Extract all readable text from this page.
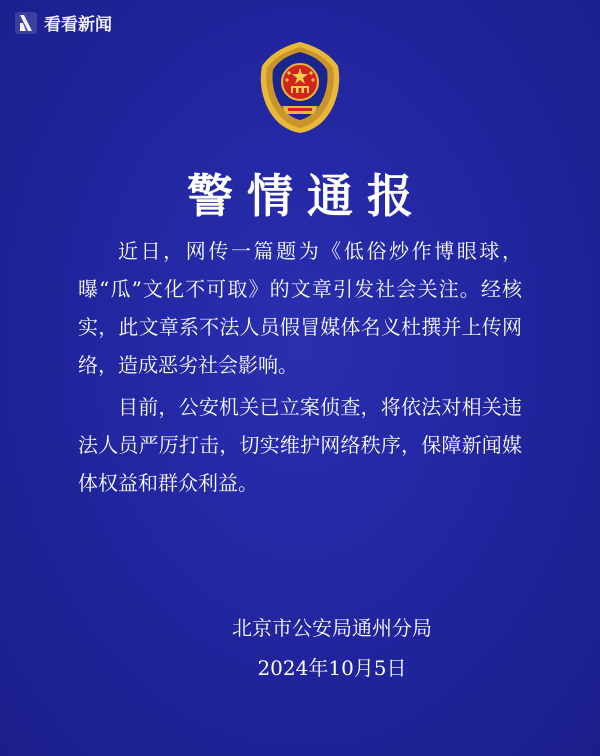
看看新闻
警情通报

近日，网传一篇题为《低俗炒作博眼球，曝“瓜”文化不可取》的文章引发社会关注。经核实，此文章系不法人员假冒媒体名义杜撰并上传网络，造成恶劣社会影响。

目前，公安机关已立案侦查，将依法对相关违法人员严厉打击，切实维护网络秩序，保障新闻媒体权益和群众利益。

北京市公安局通州分局
2024年10月5日
